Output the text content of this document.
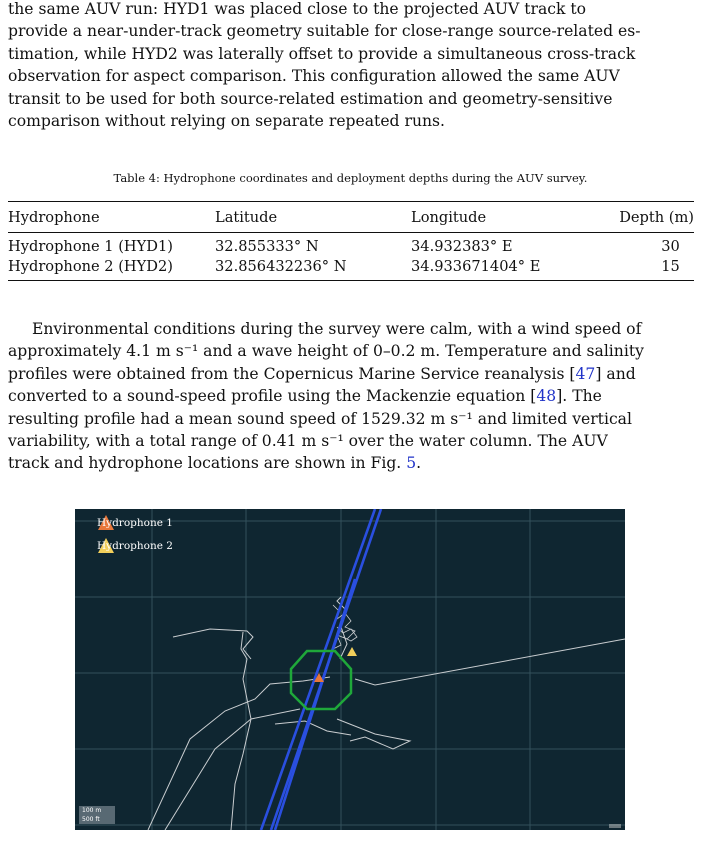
the same AUV run: HYD1 was placed close to the projected AUV track to
provide a near-under-track geometry suitable for close-range source-related es-
timation, while HYD2 was laterally offset to provide a simultaneous cross-track
observation for aspect comparison. This configuration allowed the same AUV
transit to be used for both source-related estimation and geometry-sensitive
comparison without relying on separate repeated runs.

Table 4: Hydrophone coordinates and deployment depths during the AUV survey.
Hydrophone	Latitude	Longitude	Depth (m)
Hydrophone 1 (HYD1)	32.855333° N	34.932383° E	30
Hydrophone 2 (HYD2)	32.856432236° N	34.933671404° E	15

Environmental conditions during the survey were calm, with a wind speed of
approximately 4.1 m s⁻¹ and a wave height of 0–0.2 m. Temperature and salinity
profiles were obtained from the Copernicus Marine Service reanalysis [47] and
converted to a sound-speed profile using the Mackenzie equation [48]. The
resulting profile had a mean sound speed of 1529.32 m s⁻¹ and limited vertical
variability, with a total range of 0.41 m s⁻¹ over the water column. The AUV
track and hydrophone locations are shown in Fig. 5.

Hydrophone 1
Hydrophone 2
100 m
500 ft
